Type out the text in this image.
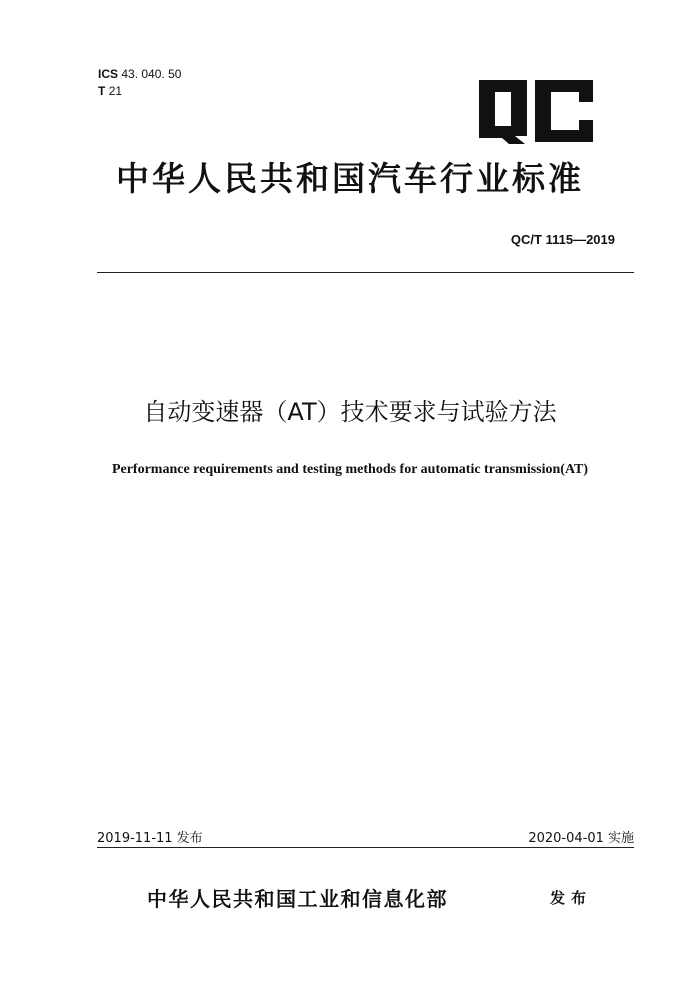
ICS 43. 040. 50
T 21
中华人民共和国汽车行业标准
QC/T 1115—2019
自动变速器（AT）技术要求与试验方法
Performance requirements and testing methods for automatic transmission(AT)
2019-11-11 发布	2020-04-01 实施
中华人民共和国工业和信息化部	发布
